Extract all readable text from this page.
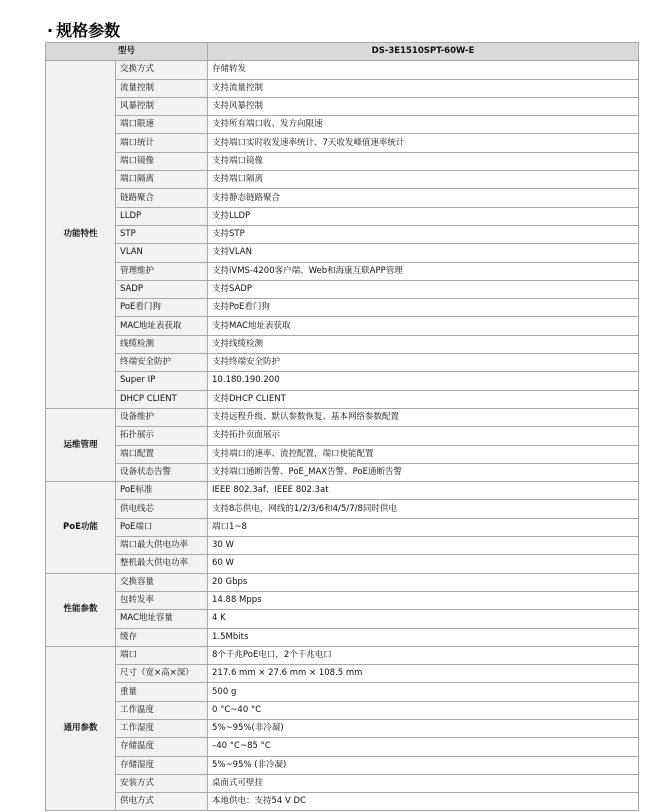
· 规格参数
型号		DS-3E1510SPT-60W-E
功能特性	交换方式	存储转发
	流量控制	支持流量控制
	风暴控制	支持风暴控制
	端口限速	支持所有端口收、发方向限速
	端口统计	支持端口实时收发速率统计、7天收发峰值速率统计
	端口镜像	支持端口镜像
	端口隔离	支持端口隔离
	链路聚合	支持静态链路聚合
	LLDP	支持LLDP
	STP	支持STP
	VLAN	支持VLAN
	管理维护	支持iVMS-4200客户端、Web和海康互联APP管理
	SADP	支持SADP
	PoE看门狗	支持PoE看门狗
	MAC地址表获取	支持MAC地址表获取
	线缆检测	支持线缆检测
	终端安全防护	支持终端安全防护
	Super IP	10.180.190.200
	DHCP CLIENT	支持DHCP CLIENT
运维管理	设备维护	支持远程升级、默认参数恢复、基本网络参数配置
	拓扑展示	支持拓扑页面展示
	端口配置	支持端口的速率、流控配置，端口使能配置
	设备状态告警	支持端口通断告警、PoE_MAX告警、PoE通断告警
PoE功能	PoE标准	IEEE 802.3af、IEEE 802.3at
	供电线芯	支持8芯供电，网线的1/2/3/6和4/5/7/8同时供电
	PoE端口	端口1~8
	端口最大供电功率	30 W
	整机最大供电功率	60 W
性能参数	交换容量	20 Gbps
	包转发率	14.88 Mpps
	MAC地址容量	4 K
	缓存	1.5Mbits
通用参数	端口	8个千兆PoE电口，2个千兆电口
	尺寸（宽×高×深）	217.6 mm × 27.6 mm × 108.5 mm
	重量	500 g
	工作温度	0 °C~40 °C
	工作湿度	5%~95%(非冷凝)
	存储温度	–40 °C~85 °C
	存储湿度	5%~95% (非冷凝)
	安装方式	桌面式可壁挂
	供电方式	本地供电：支持54 V DC
